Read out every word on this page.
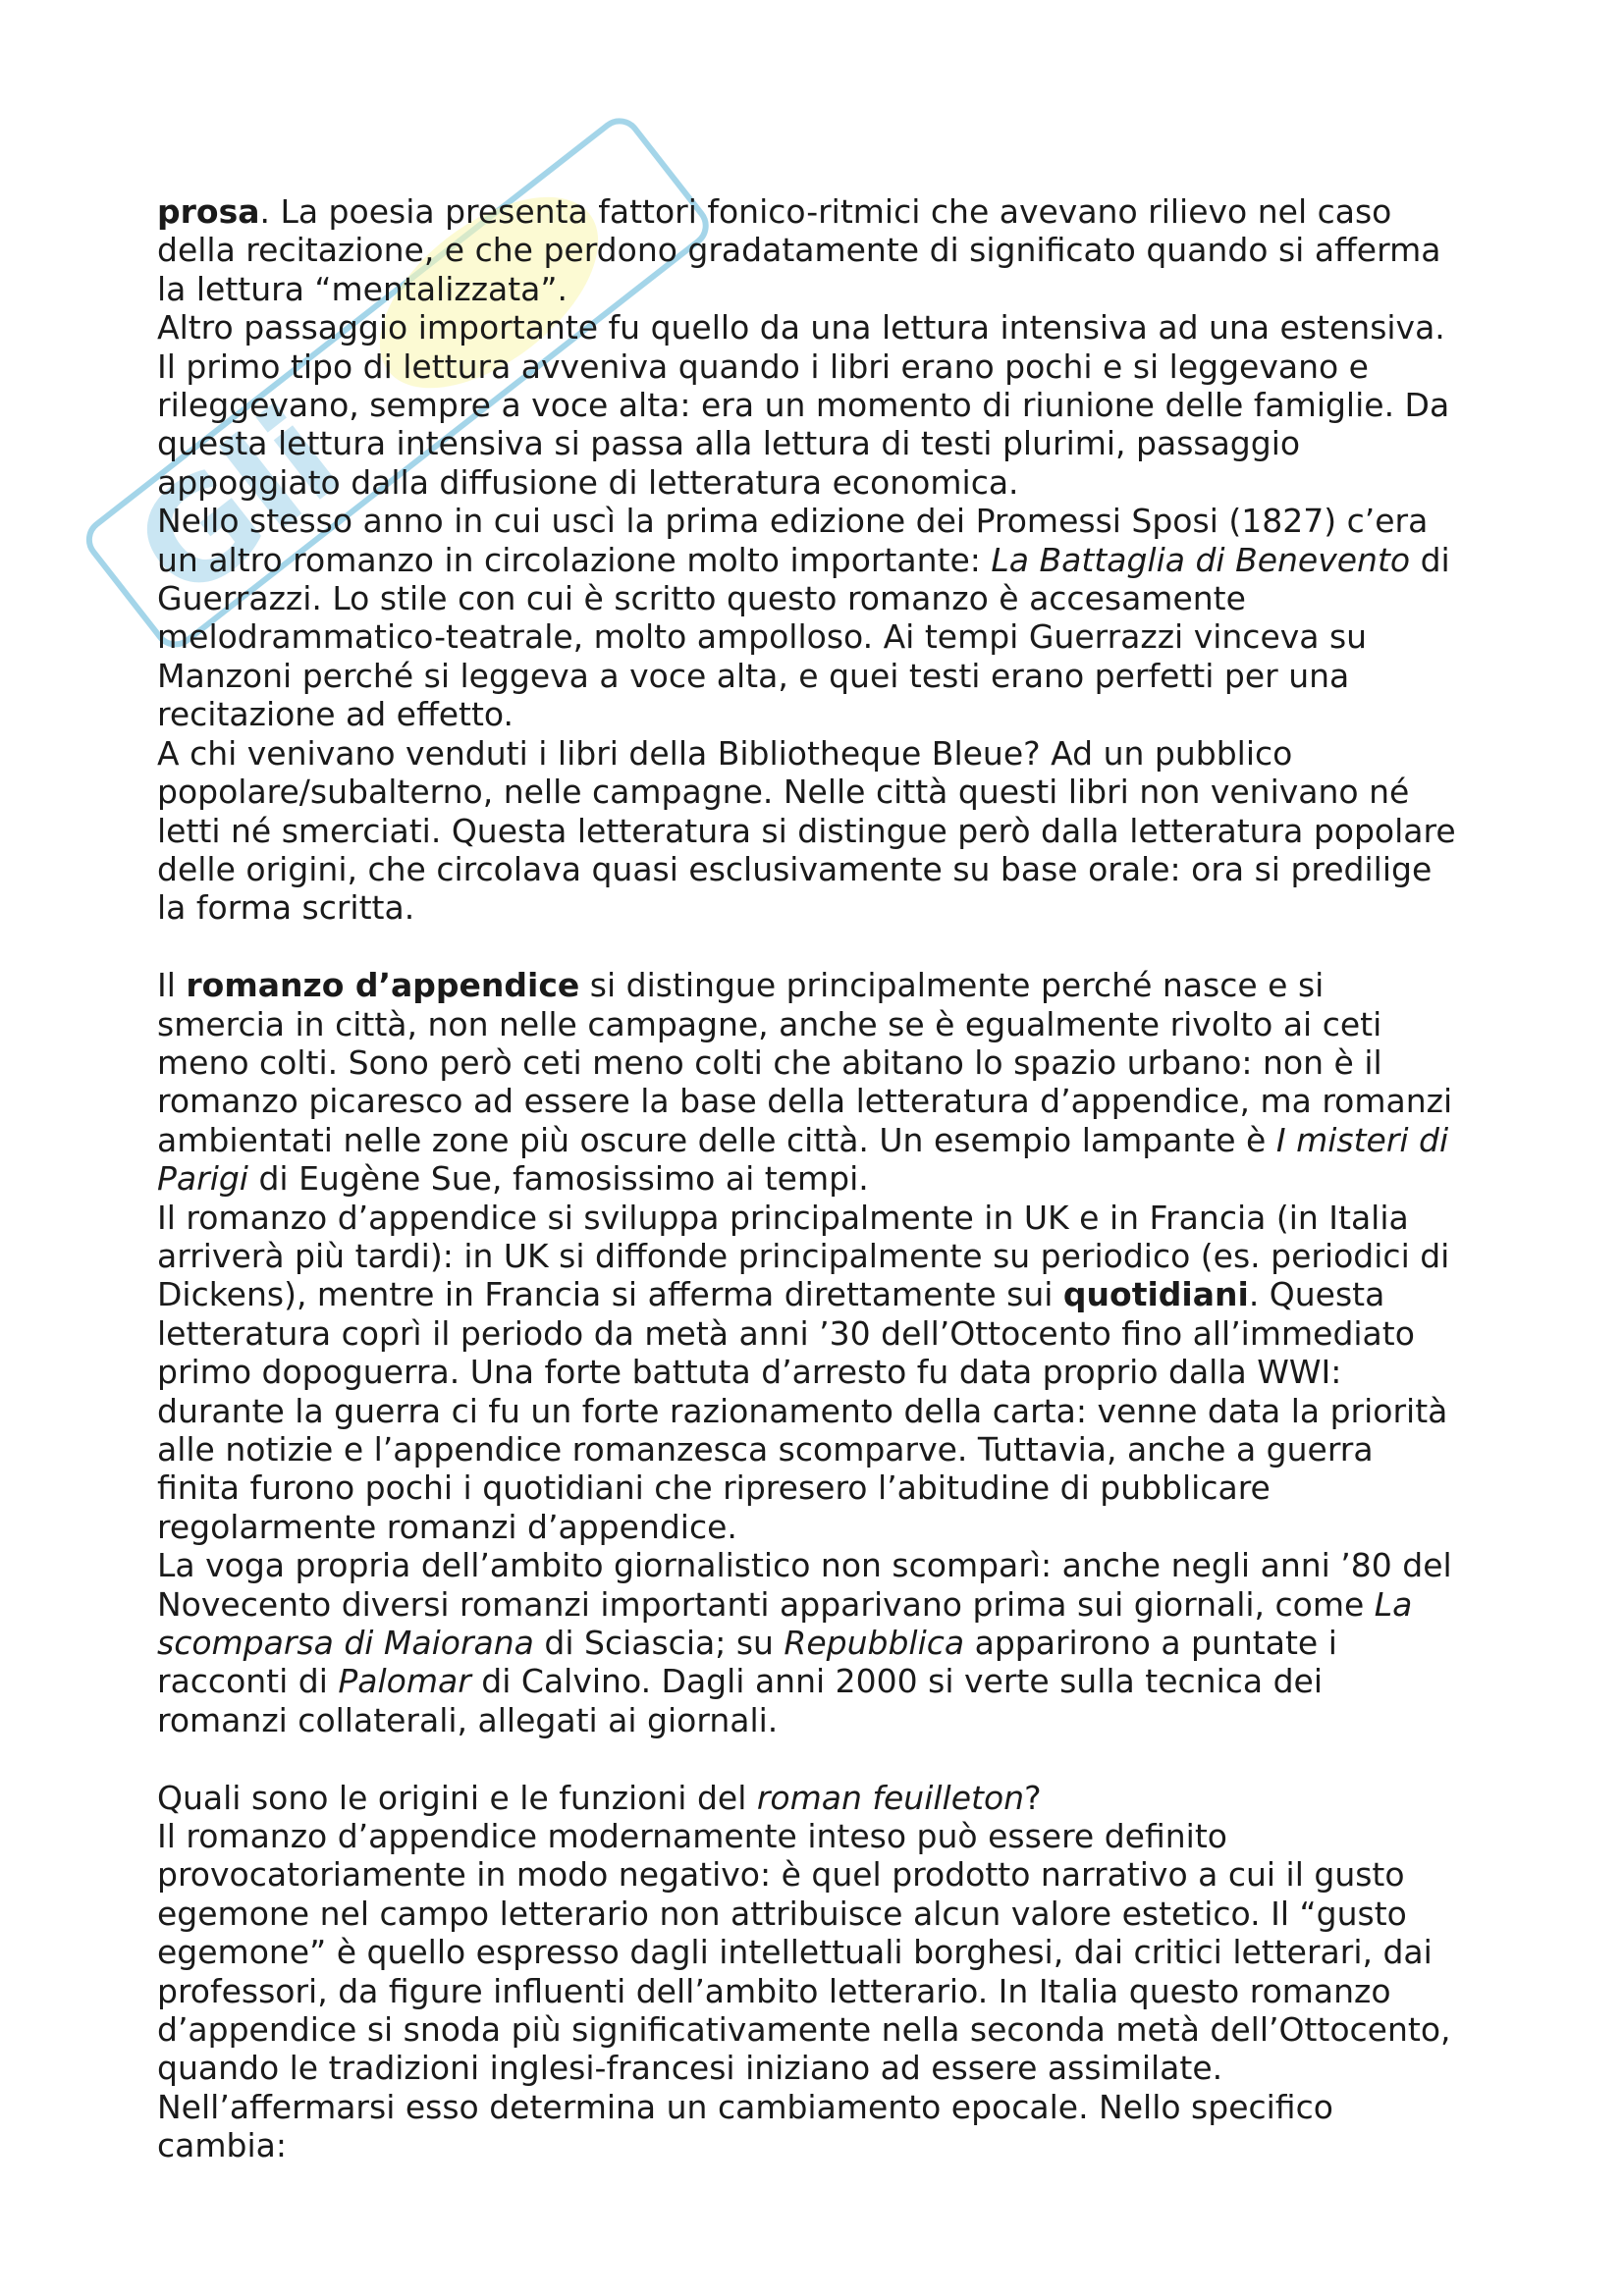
Gli

prosa. La poesia presenta fattori fonico-ritmici che avevano rilievo nel caso

della recitazione, e che perdono gradatamente di significato quando si afferma

la lettura “mentalizzata”.

Altro passaggio importante fu quello da una lettura intensiva ad una estensiva.

Il primo tipo di lettura avveniva quando i libri erano pochi e si leggevano e

rileggevano, sempre a voce alta: era un momento di riunione delle famiglie. Da

questa lettura intensiva si passa alla lettura di testi plurimi, passaggio

appoggiato dalla diffusione di letteratura economica.

Nello stesso anno in cui uscì la prima edizione dei Promessi Sposi (1827) c’era

un altro romanzo in circolazione molto importante: La Battaglia di Benevento di

Guerrazzi. Lo stile con cui è scritto questo romanzo è accesamente

melodrammatico-teatrale, molto ampolloso. Ai tempi Guerrazzi vinceva su

Manzoni perché si leggeva a voce alta, e quei testi erano perfetti per una

recitazione ad effetto.

A chi venivano venduti i libri della Bibliotheque Bleue? Ad un pubblico

popolare/subalterno, nelle campagne. Nelle città questi libri non venivano né

letti né smerciati. Questa letteratura si distingue però dalla letteratura popolare

delle origini, che circolava quasi esclusivamente su base orale: ora si predilige

la forma scritta.

Il romanzo d’appendice si distingue principalmente perché nasce e si

smercia in città, non nelle campagne, anche se è egualmente rivolto ai ceti

meno colti. Sono però ceti meno colti che abitano lo spazio urbano: non è il

romanzo picaresco ad essere la base della letteratura d’appendice, ma romanzi

ambientati nelle zone più oscure delle città. Un esempio lampante è I misteri di

Parigi di Eugène Sue, famosissimo ai tempi.

Il romanzo d’appendice si sviluppa principalmente in UK e in Francia (in Italia

arriverà più tardi): in UK si diffonde principalmente su periodico (es. periodici di

Dickens), mentre in Francia si afferma direttamente sui quotidiani. Questa

letteratura coprì il periodo da metà anni ’30 dell’Ottocento fino all’immediato

primo dopoguerra. Una forte battuta d’arresto fu data proprio dalla WWI:

durante la guerra ci fu un forte razionamento della carta: venne data la priorità

alle notizie e l’appendice romanzesca scomparve. Tuttavia, anche a guerra

finita furono pochi i quotidiani che ripresero l’abitudine di pubblicare

regolarmente romanzi d’appendice.

La voga propria dell’ambito giornalistico non scomparì: anche negli anni ’80 del

Novecento diversi romanzi importanti apparivano prima sui giornali, come La

scomparsa di Maiorana di Sciascia; su Repubblica apparirono a puntate i

racconti di Palomar di Calvino. Dagli anni 2000 si verte sulla tecnica dei

romanzi collaterali, allegati ai giornali.

Quali sono le origini e le funzioni del roman feuilleton?

Il romanzo d’appendice modernamente inteso può essere definito

provocatoriamente in modo negativo: è quel prodotto narrativo a cui il gusto

egemone nel campo letterario non attribuisce alcun valore estetico. Il “gusto

egemone” è quello espresso dagli intellettuali borghesi, dai critici letterari, dai

professori, da figure influenti dell’ambito letterario. In Italia questo romanzo

d’appendice si snoda più significativamente nella seconda metà dell’Ottocento,

quando le tradizioni inglesi-francesi iniziano ad essere assimilate.

Nell’affermarsi esso determina un cambiamento epocale. Nello specifico

cambia:
